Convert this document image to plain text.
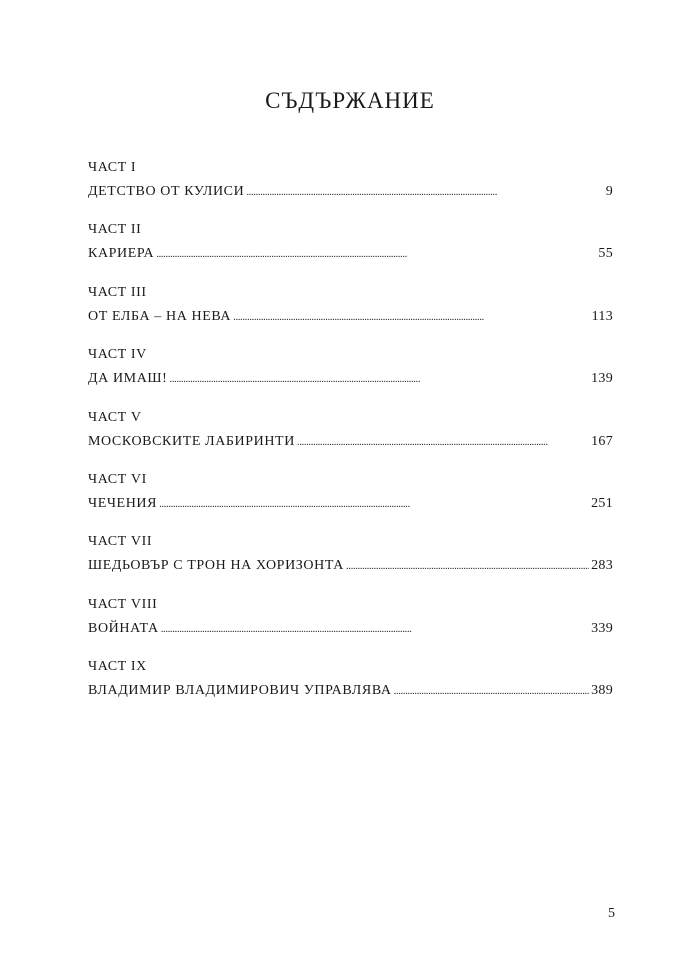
СЪДЪРЖАНИЕ
ЧАСТ I
ДЕТСТВО ОТ КУЛИСИ . . .	9
ЧАСТ II
КАРИЕРА . . .	55
ЧАСТ III
ОТ ЕЛБА – НА НЕВА . . .	113
ЧАСТ IV
ДА ИМАШ! . . .	139
ЧАСТ V
МОСКОВСКИТЕ ЛАБИРИНТИ . . .	167
ЧАСТ VI
ЧЕЧЕНИЯ . . .	251
ЧАСТ VII
ШЕДЬОВЪР С ТРОН НА ХОРИЗОНТА . . .	283
ЧАСТ VIII
ВОЙНАТА . . .	339
ЧАСТ IX
ВЛАДИМИР ВЛАДИМИРОВИЧ УПРАВЛЯВА . . .	389
5
